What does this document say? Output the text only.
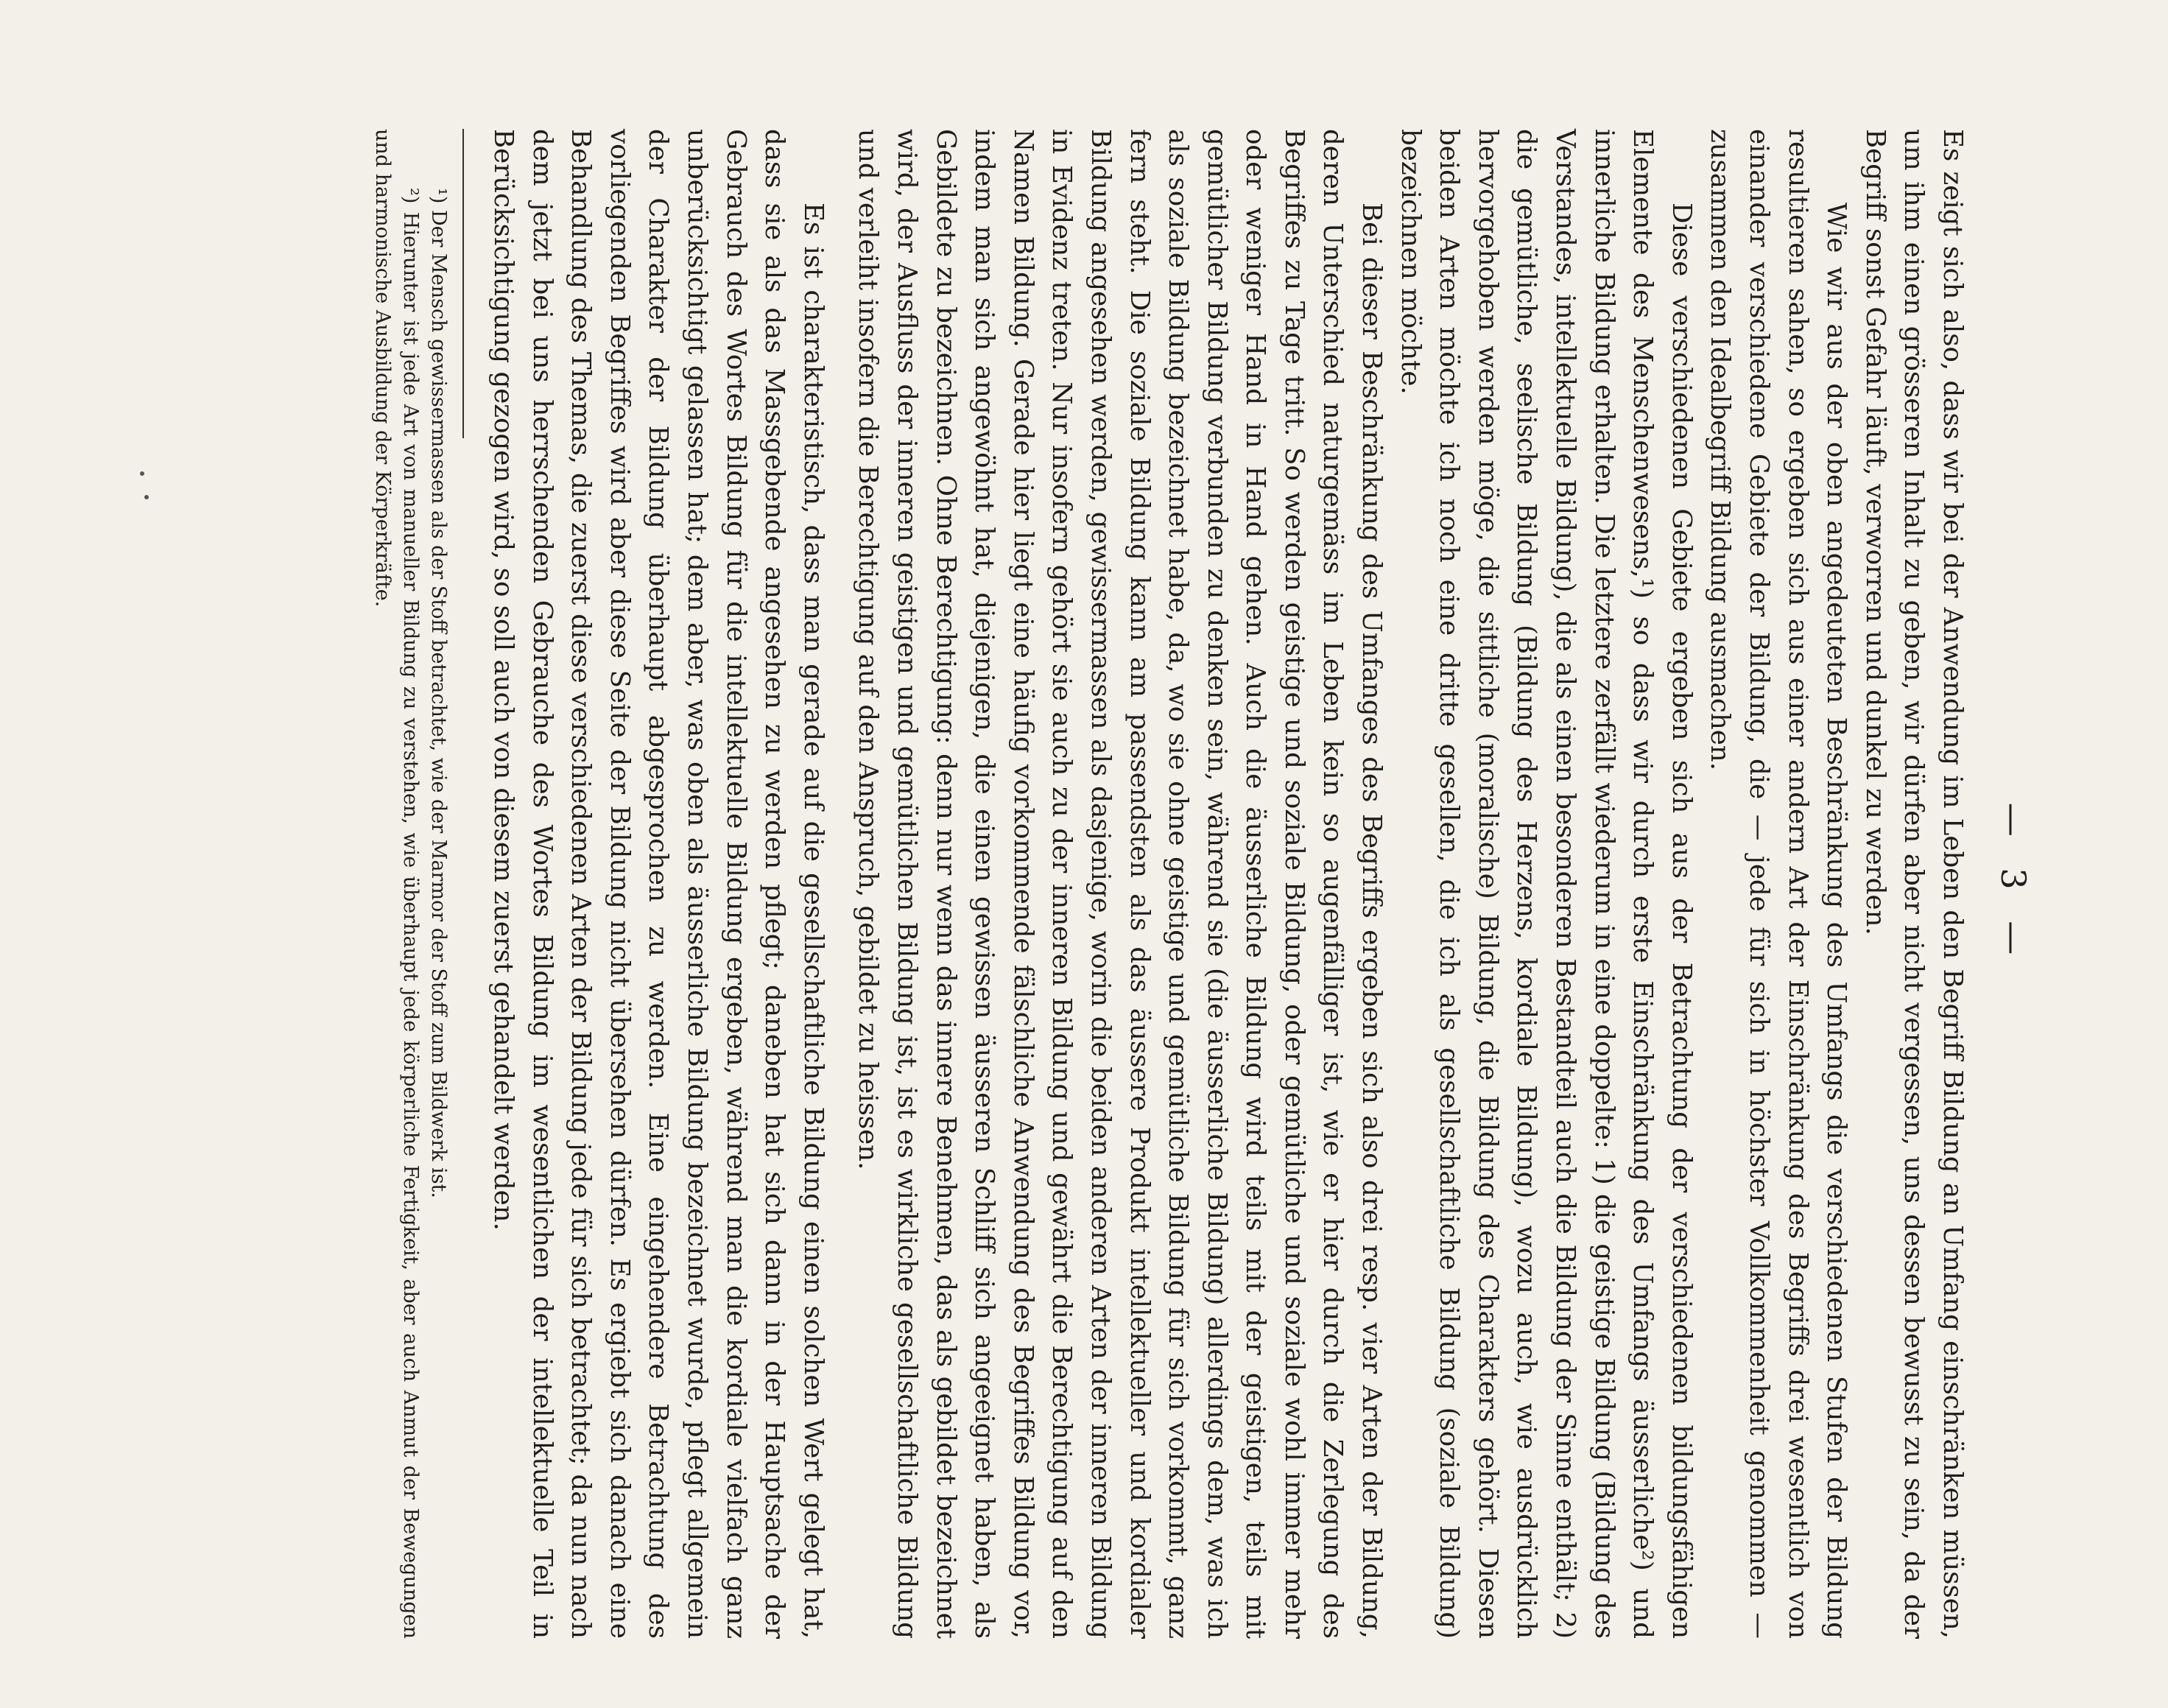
— 3 —

Es zeigt sich also, dass wir bei der Anwendung im Leben den Begriff Bildung an Umfang einschränken müssen, um ihm einen grösseren Inhalt zu geben, wir dürfen aber nicht vergessen, uns dessen bewusst zu sein, da der Begriff sonst Gefahr läuft, verworren und dunkel zu werden.

Wie wir aus der oben angedeuteten Beschränkung des Umfangs die verschiedenen Stufen der Bildung resultieren sahen, so ergeben sich aus einer andern Art der Einschränkung des Begriffs drei wesentlich von einander verschiedene Gebiete der Bildung, die — jede für sich in höchster Vollkommenheit genommen — zusammen den Idealbegriff Bildung ausmachen.

Diese verschiedenen Gebiete ergeben sich aus der Betrachtung der verschiedenen bildungsfähigen Elemente des Menschenwesens,¹) so dass wir durch erste Einschränkung des Umfangs äusserliche²) und innerliche Bildung erhalten. Die letztere zerfällt wiederum in eine doppelte: 1) die geistige Bildung (Bildung des Verstandes, intellektuelle Bildung), die als einen besonderen Bestandteil auch die Bildung der Sinne enthält; 2) die gemütliche, seelische Bildung (Bildung des Herzens, kordiale Bildung), wozu auch, wie ausdrücklich hervorgehoben werden möge, die sittliche (moralische) Bildung, die Bildung des Charakters gehört. Diesen beiden Arten möchte ich noch eine dritte gesellen, die ich als gesellschaftliche Bildung (soziale Bildung) bezeichnen möchte.

Bei dieser Beschränkung des Umfanges des Begriffs ergeben sich also drei resp. vier Arten der Bildung, deren Unterschied naturgemäss im Leben kein so augenfälliger ist, wie er hier durch die Zerlegung des Begriffes zu Tage tritt. So werden geistige und soziale Bildung, oder gemütliche und soziale wohl immer mehr oder weniger Hand in Hand gehen. Auch die äusserliche Bildung wird teils mit der geistigen, teils mit gemütlicher Bildung verbunden zu denken sein, während sie (die äusserliche Bildung) allerdings dem, was ich als soziale Bildung bezeichnet habe, da, wo sie ohne geistige und gemütliche Bildung für sich vorkommt, ganz fern steht. Die soziale Bildung kann am passendsten als das äussere Produkt intellektueller und kordialer Bildung angesehen werden, gewissermassen als dasjenige, worin die beiden anderen Arten der inneren Bildung in Evidenz treten. Nur insofern gehört sie auch zu der inneren Bildung und gewährt die Berechtigung auf den Namen Bildung. Gerade hier liegt eine häufig vorkommende fälschliche Anwendung des Begriffes Bildung vor, indem man sich angewöhnt hat, diejenigen, die einen gewissen äusseren Schliff sich angeeignet haben, als Gebildete zu bezeichnen. Ohne Berechtigung: denn nur wenn das innere Benehmen, das als gebildet bezeichnet wird, der Ausfluss der inneren geistigen und gemütlichen Bildung ist, ist es wirkliche gesellschaftliche Bildung und verleiht insofern die Berechtigung auf den Anspruch, gebildet zu heissen.

Es ist charakteristisch, dass man gerade auf die gesellschaftliche Bildung einen solchen Wert gelegt hat, dass sie als das Massgebende angesehen zu werden pflegt; daneben hat sich dann in der Hauptsache der Gebrauch des Wortes Bildung für die intellektuelle Bildung ergeben, während man die kordiale vielfach ganz unberücksichtigt gelassen hat; dem aber, was oben als äusserliche Bildung bezeichnet wurde, pflegt allgemein der Charakter der Bildung überhaupt abgesprochen zu werden. Eine eingehendere Betrachtung des vorliegenden Begriffes wird aber diese Seite der Bildung nicht übersehen dürfen. Es ergiebt sich danach eine Behandlung des Themas, die zuerst diese verschiedenen Arten der Bildung jede für sich betrachtet; da nun nach dem jetzt bei uns herrschenden Gebrauche des Wortes Bildung im wesentlichen der intellektuelle Teil in Berücksichtigung gezogen wird, so soll auch von diesem zuerst gehandelt werden.

¹) Der Mensch gewissermassen als der Stoff betrachtet, wie der Marmor der Stoff zum Bildwerk ist.

²) Hierunter ist jede Art von manueller Bildung zu verstehen, wie überhaupt jede körperliche Fertigkeit, aber auch Anmut der Bewegungen und harmonische Ausbildung der Körperkräfte.
